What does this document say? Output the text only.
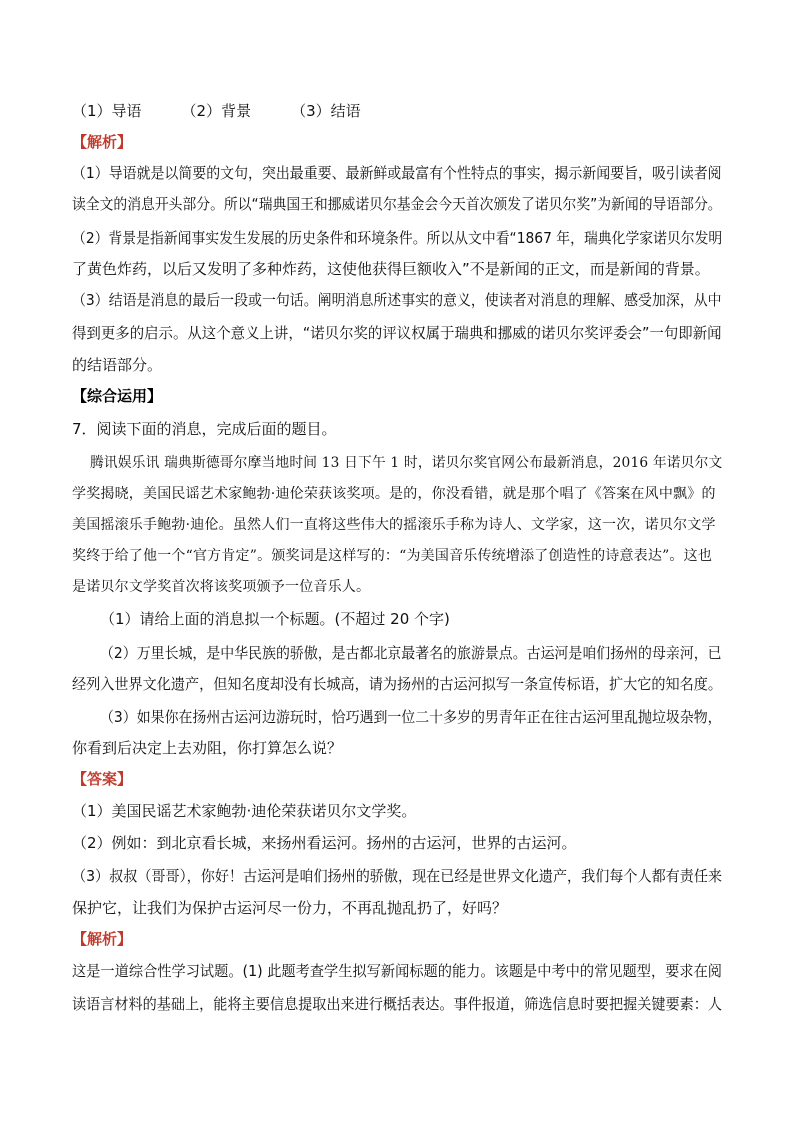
（1）导语	（2）背景	（3）结语
【解析】
（1）导语就是以简要的文句，突出最重要、最新鲜或最富有个性特点的事实，揭示新闻要旨，吸引读者阅
读全文的消息开头部分。所以“瑞典国王和挪威诺贝尔基金会今天首次颁发了诺贝尔奖”为新闻的导语部分。
（2）背景是指新闻事实发生发展的历史条件和环境条件。所以从文中看“1867 年，瑞典化学家诺贝尔发明
了黄色炸药，以后又发明了多种炸药，这使他获得巨额收入”不是新闻的正文，而是新闻的背景。
（3）结语是消息的最后一段或一句话。阐明消息所述事实的意义，使读者对消息的理解、感受加深，从中
得到更多的启示。从这个意义上讲，“诺贝尔奖的评议权属于瑞典和挪威的诺贝尔奖评委会”一句即新闻
的结语部分。
【综合运用】
7．阅读下面的消息，完成后面的题目。
腾讯娱乐讯 瑞典斯德哥尔摩当地时间 13 日下午 1 时，诺贝尔奖官网公布最新消息，2016 年诺贝尔文
学奖揭晓，美国民谣艺术家鲍勃·迪伦荣获该奖项。是的，你没看错，就是那个唱了《答案在风中飘》的
美国摇滚乐手鲍勃·迪伦。虽然人们一直将这些伟大的摇滚乐手称为诗人、文学家，这一次，诺贝尔文学
奖终于给了他一个“官方肯定”。颁奖词是这样写的：“为美国音乐传统增添了创造性的诗意表达”。这也
是诺贝尔文学奖首次将该奖项颁予一位音乐人。
（1）请给上面的消息拟一个标题。(不超过 20 个字)
（2）万里长城，是中华民族的骄傲，是古都北京最著名的旅游景点。古运河是咱们扬州的母亲河，已
经列入世界文化遗产，但知名度却没有长城高，请为扬州的古运河拟写一条宣传标语，扩大它的知名度。
（3）如果你在扬州古运河边游玩时，恰巧遇到一位二十多岁的男青年正在往古运河里乱抛垃圾杂物，
你看到后决定上去劝阻，你打算怎么说？
【答案】
（1）美国民谣艺术家鲍勃·迪伦荣获诺贝尔文学奖。
（2）例如：到北京看长城，来扬州看运河。扬州的古运河，世界的古运河。
（3）叔叔（哥哥），你好！古运河是咱们扬州的骄傲，现在已经是世界文化遗产，我们每个人都有责任来
保护它，让我们为保护古运河尽一份力，不再乱抛乱扔了，好吗？
【解析】
这是一道综合性学习试题。(1) 此题考查学生拟写新闻标题的能力。该题是中考中的常见题型，要求在阅
读语言材料的基础上，能将主要信息提取出来进行概括表达。事件报道，筛选信息时要把握关键要素：人
